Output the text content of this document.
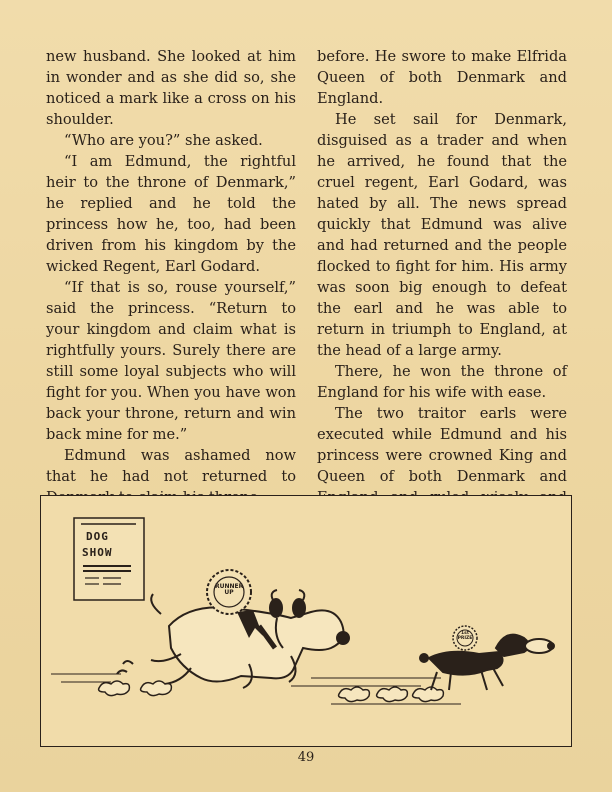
new husband. She looked at him in wonder and as she did so, she noticed a mark like a cross on his shoulder.

“Who are you?” she asked.

“I am Edmund, the rightful heir to the throne of Denmark,” he replied and he told the princess how he, too, had been driven from his kingdom by the wicked Regent, Earl Godard.

“If that is so, rouse yourself,” said the princess. “Return to your kingdom and claim what is rightfully yours. Surely there are still some loyal subjects who will fight for you. When you have won back your throne, return and win back mine for me.”

Edmund was ashamed now that he had not returned to

before. He swore to make Elfrida Queen of both Denmark and England.

He set sail for Denmark, disguised as a trader and when he arrived, he found that the cruel regent, Earl Godard, was hated by all. The news spread quickly that Edmund was alive and had returned and the people flocked to fight for him. His army was soon big enough to defeat the earl and he was able to return in triumph to England, at the head of a large army.

There, he won the throne of England for his wife with ease.

The two traitor earls were executed while Edmund and his princess were crowned King and Queen of both Denmark and

DOG
SHOW
RUNNER UP
1st PRIZE
49
